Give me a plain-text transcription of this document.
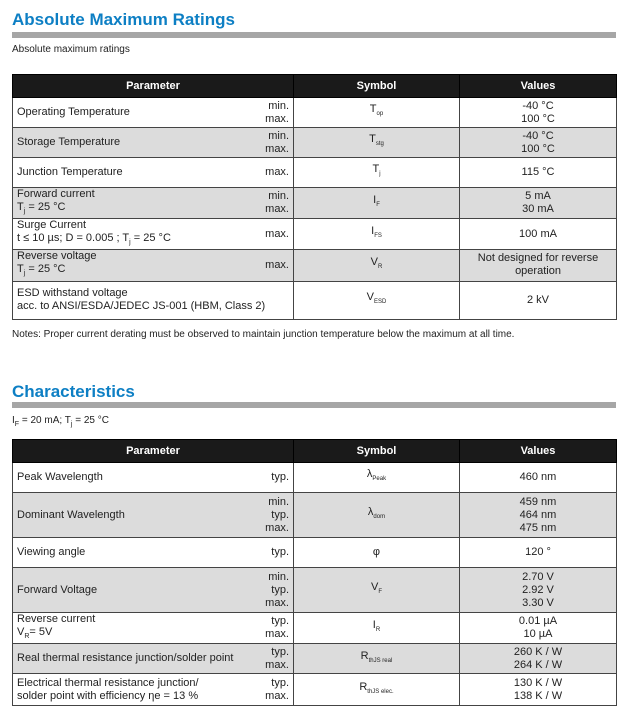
Absolute Maximum Ratings
Absolute maximum ratings
Parameter	Symbol	Values

Operating Temperature
min.
max.	$T_{op}$	-40 °C
100 °C

Storage Temperature
min.
max.	$T_{stg}$	-40 °C
100 °C

Junction Temperature max.	$T_j$	115 °C

Forward current
$T_j = 25$ °C
min.
max.	$I_F$	5 mA
30 mA

Surge Current
t ≤ 10 µs; D = 0.005 ; $T_j = 25$ °C max.	$I_{FS}$	100 mA

Reverse voltage
$T_j = 25$ °C max.	$V_R$	Not designed for reverse
operation

ESD withstand voltage
acc. to ANSI/ESDA/JEDEC JS-001 (HBM, Class 2)	$V_{ESD}$	2 kV
Notes: Proper current derating must be observed to maintain junction temperature below the maximum at all time.
Characteristics
$I_F = 20$ mA; $T_j = 25$ °C
Parameter	Symbol	Values

Peak Wavelength typ.	$\lambda_{Peak}$	460 nm

Dominant Wavelength
min.
typ.
max.	$\lambda_{dom}$	459 nm
464 nm
475 nm

Viewing angle typ.	φ	120 °

Forward Voltage
min.
typ.
max.	$V_F$	2.70 V
2.92 V
3.30 V

Reverse current
$V_R= 5V$
typ.
max.	$I_R$	0.01 µA
10 µA

Real thermal resistance junction/solder point
typ.
max.	$R_{thJS real}$	260 K / W
264 K / W

Electrical thermal resistance junction/
solder point with efficiency ηe = 13 %
typ.
max.	$R_{thJS elec.}$	130 K / W
138 K / W
